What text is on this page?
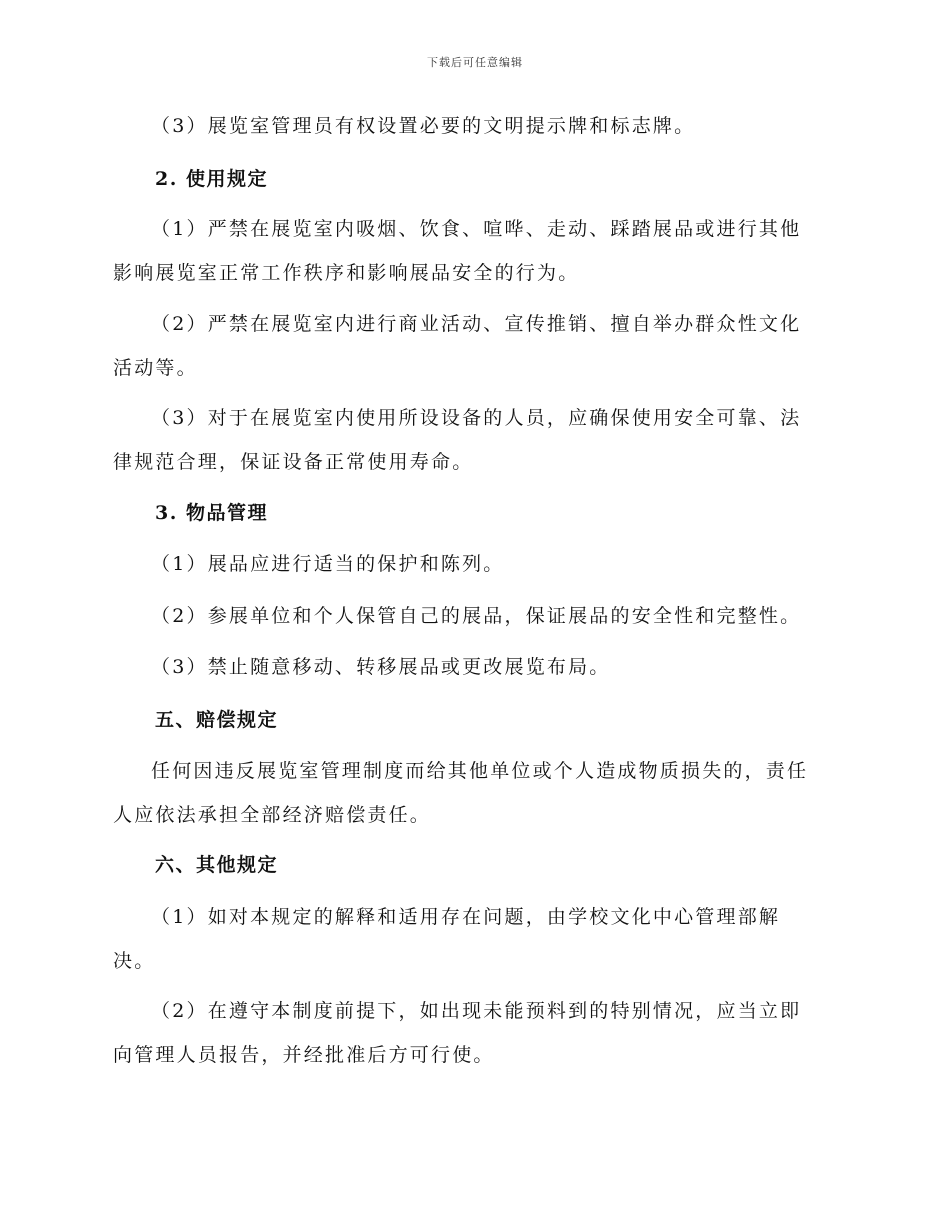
下载后可任意编辑
（3）展览室管理员有权设置必要的文明提示牌和标志牌。
2. 使用规定
（1）严禁在展览室内吸烟、饮食、喧哗、走动、踩踏展品或进行其他
影响展览室正常工作秩序和影响展品安全的行为。
（2）严禁在展览室内进行商业活动、宣传推销、擅自举办群众性文化
活动等。
（3）对于在展览室内使用所设设备的人员，应确保使用安全可靠、法
律规范合理，保证设备正常使用寿命。
3. 物品管理
（1）展品应进行适当的保护和陈列。
（2）参展单位和个人保管自己的展品，保证展品的安全性和完整性。
（3）禁止随意移动、转移展品或更改展览布局。
五、赔偿规定
任何因违反展览室管理制度而给其他单位或个人造成物质损失的，责任
人应依法承担全部经济赔偿责任。
六、其他规定
（1）如对本规定的解释和适用存在问题，由学校文化中心管理部解
决。
（2）在遵守本制度前提下，如出现未能预料到的特别情况，应当立即
向管理人员报告，并经批准后方可行使。
